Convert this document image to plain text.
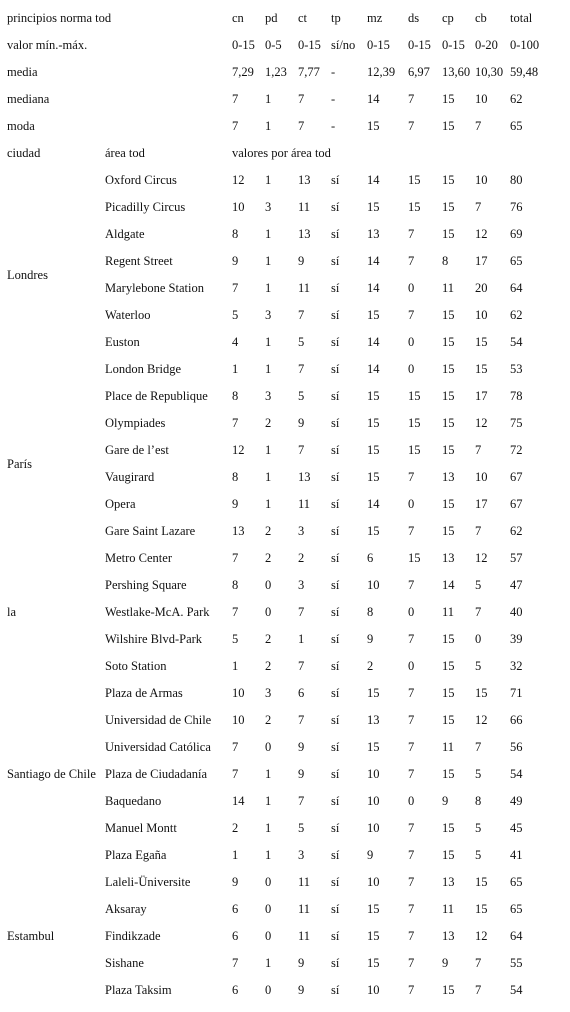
principios norma tod		cn	pd	ct	tp	mz	ds	cp	cb	total
valor mín.-máx.		0-15	0-5	0-15	sí/no	0-15	0-15	0-15	0-20	0-100
media		7,29	1,23	7,77	-	12,39	6,97	13,60	10,30	59,48
mediana		7	1	7	-	14	7	15	10	62
moda		7	1	7	-	15	7	15	7	65
ciudad	área tod	valores por área tod								
Londres	Oxford Circus	12	1	13	sí	14	15	15	10	80
	Picadilly Circus	10	3	11	sí	15	15	15	7	76
	Aldgate	8	1	13	sí	13	7	15	12	69
	Regent Street	9	1	9	sí	14	7	8	17	65
	Marylebone Station	7	1	11	sí	14	0	11	20	64
	Waterloo	5	3	7	sí	15	7	15	10	62
	Euston	4	1	5	sí	14	0	15	15	54
	London Bridge	1	1	7	sí	14	0	15	15	53
París	Place de Republique	8	3	5	sí	15	15	15	17	78
	Olympiades	7	2	9	sí	15	15	15	12	75
	Gare de l’est	12	1	7	sí	15	15	15	7	72
	Vaugirard	8	1	13	sí	15	7	13	10	67
	Opera	9	1	11	sí	14	0	15	17	67
	Gare Saint Lazare	13	2	3	sí	15	7	15	7	62
la	Metro Center	7	2	2	sí	6	15	13	12	57
	Pershing Square	8	0	3	sí	10	7	14	5	47
	Westlake-McA. Park	7	0	7	sí	8	0	11	7	40
	Wilshire Blvd-Park	5	2	1	sí	9	7	15	0	39
	Soto Station	1	2	7	sí	2	0	15	5	32
Santiago de Chile	Plaza de Armas	10	3	6	sí	15	7	15	15	71
	Universidad de Chile	10	2	7	sí	13	7	15	12	66
	Universidad Católica	7	0	9	sí	15	7	11	7	56
	Plaza de Ciudadanía	7	1	9	sí	10	7	15	5	54
	Baquedano	14	1	7	sí	10	0	9	8	49
	Manuel Montt	2	1	5	sí	10	7	15	5	45
	Plaza Egaña	1	1	3	sí	9	7	15	5	41
Estambul	Laleli-Üniversite	9	0	11	sí	10	7	13	15	65
	Aksaray	6	0	11	sí	15	7	11	15	65
	Findikzade	6	0	11	sí	15	7	13	12	64
	Sishane	7	1	9	sí	15	7	9	7	55
	Plaza Taksim	6	0	9	sí	10	7	15	7	54
